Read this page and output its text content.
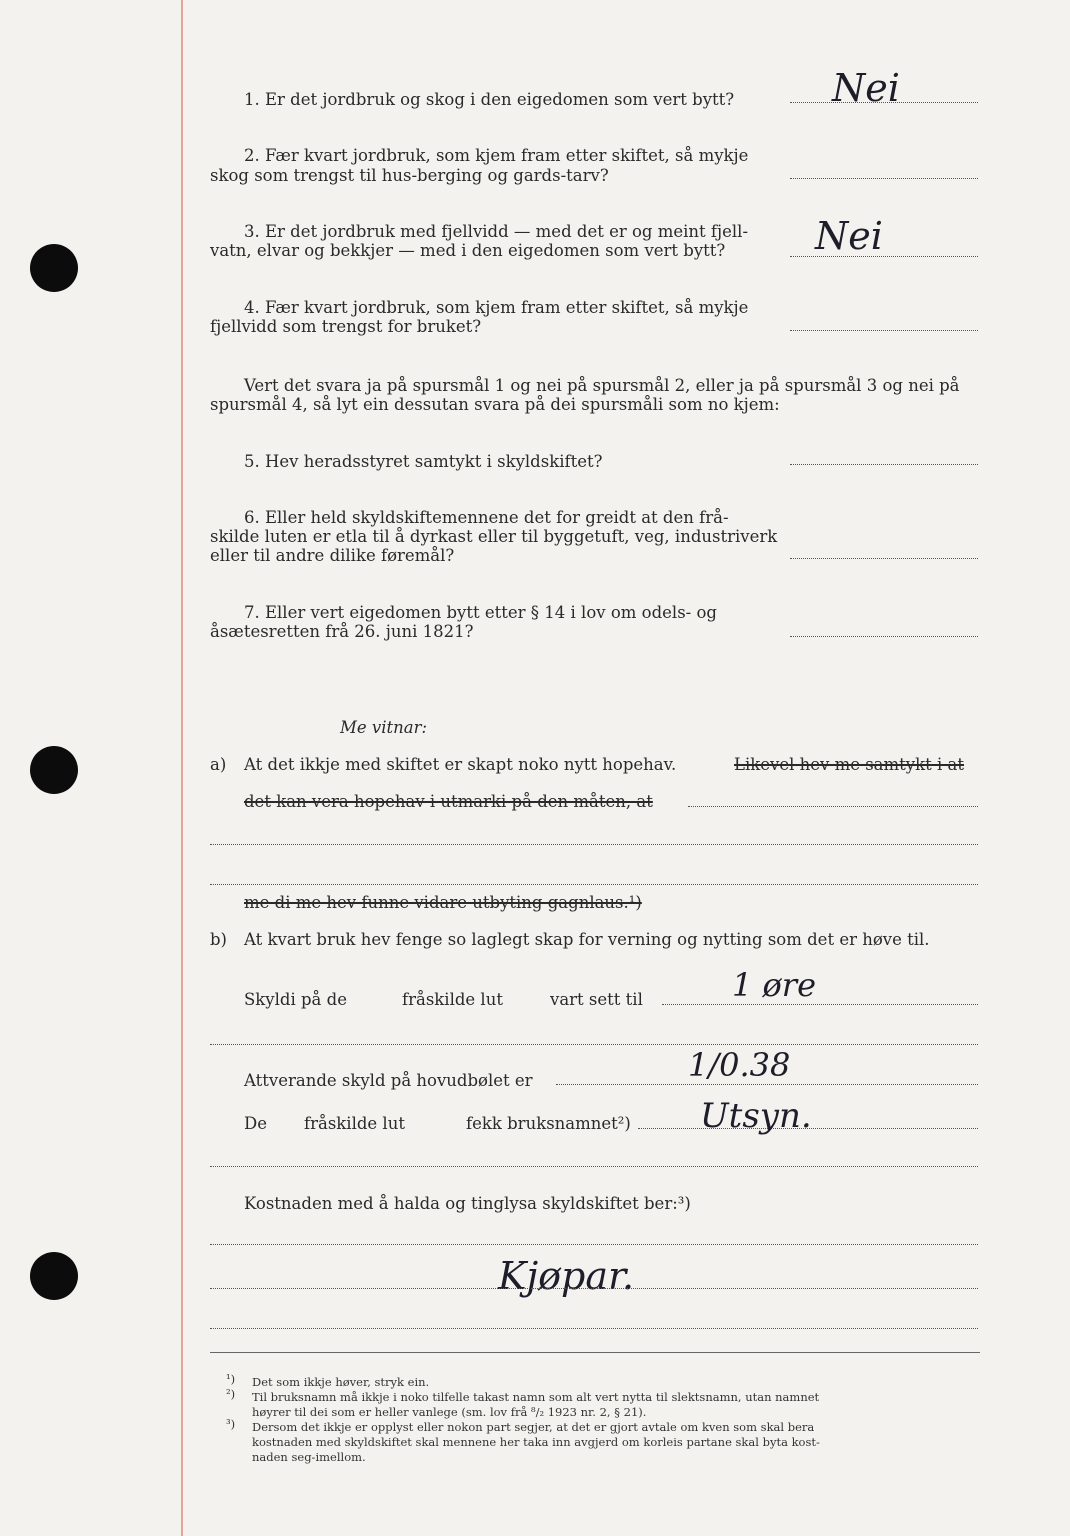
1. Er det jordbruk og skog i den eigedomen som vert bytt?	Nei
2. Fær kvart jordbruk, som kjem fram etter skiftet, så mykje
skog som trengst til hus-berging og gards-tarv?
3. Er det jordbruk med fjellvidd — med det er og meint fjell-
vatn, elvar og bekkjer — med i den eigedomen som vert bytt? Nei
4. Fær kvart jordbruk, som kjem fram etter skiftet, så mykje
fjellvidd som trengst for bruket?
Vert det svara ja på spursmål 1 og nei på spursmål 2, eller ja på spursmål 3 og nei på
spursmål 4, så lyt ein dessutan svara på dei spursmåli som no kjem:
5. Hev heradsstyret samtykt i skyldskiftet?
6. Eller held skyldskiftemennene det for greidt at den frå-
skilde luten er etla til å dyrkast eller til byggetuft, veg, industriverk
eller til andre dilike føremål?
7. Eller vert eigedomen bytt etter § 14 i lov om odels- og
åsætesretten frå 26. juni 1821?
Me vitnar:
a) At det ikkje med skiftet er skapt noko nytt hopehav.	Likevel hev me samtykt i at
det kan vera hopehav i utmarki på den måten, at
me di me hev funne vidare utbyting gagnlaus.¹)
b) At kvart bruk hev fenge so laglegt skap for verning og nytting som det er høve til.
Skyldi på de	fråskilde lut	vart sett til	1 øre
Attverande skyld på hovudbølet er	1/0.38
De fråskilde lut	fekk bruksnamnet²) Utsyn.
Kostnaden med å halda og tinglysa skyldskiftet ber:³)
Kjøpar.
¹) Det som ikkje høver, stryk ein.
²) Til bruksnamn må ikkje i noko tilfelle takast namn som alt vert nytta til slektsnamn, utan namnet
høyrer til dei som er heller vanlege (sm. lov frå ⁸/₂ 1923 nr. 2, § 21).
³) Dersom det ikkje er opplyst eller nokon part segjer, at det er gjort avtale om kven som skal bera
kostnaden med skyldskiftet skal mennene her taka inn avgjerd om korleis partane skal byta kost-
naden seg-imellom.
